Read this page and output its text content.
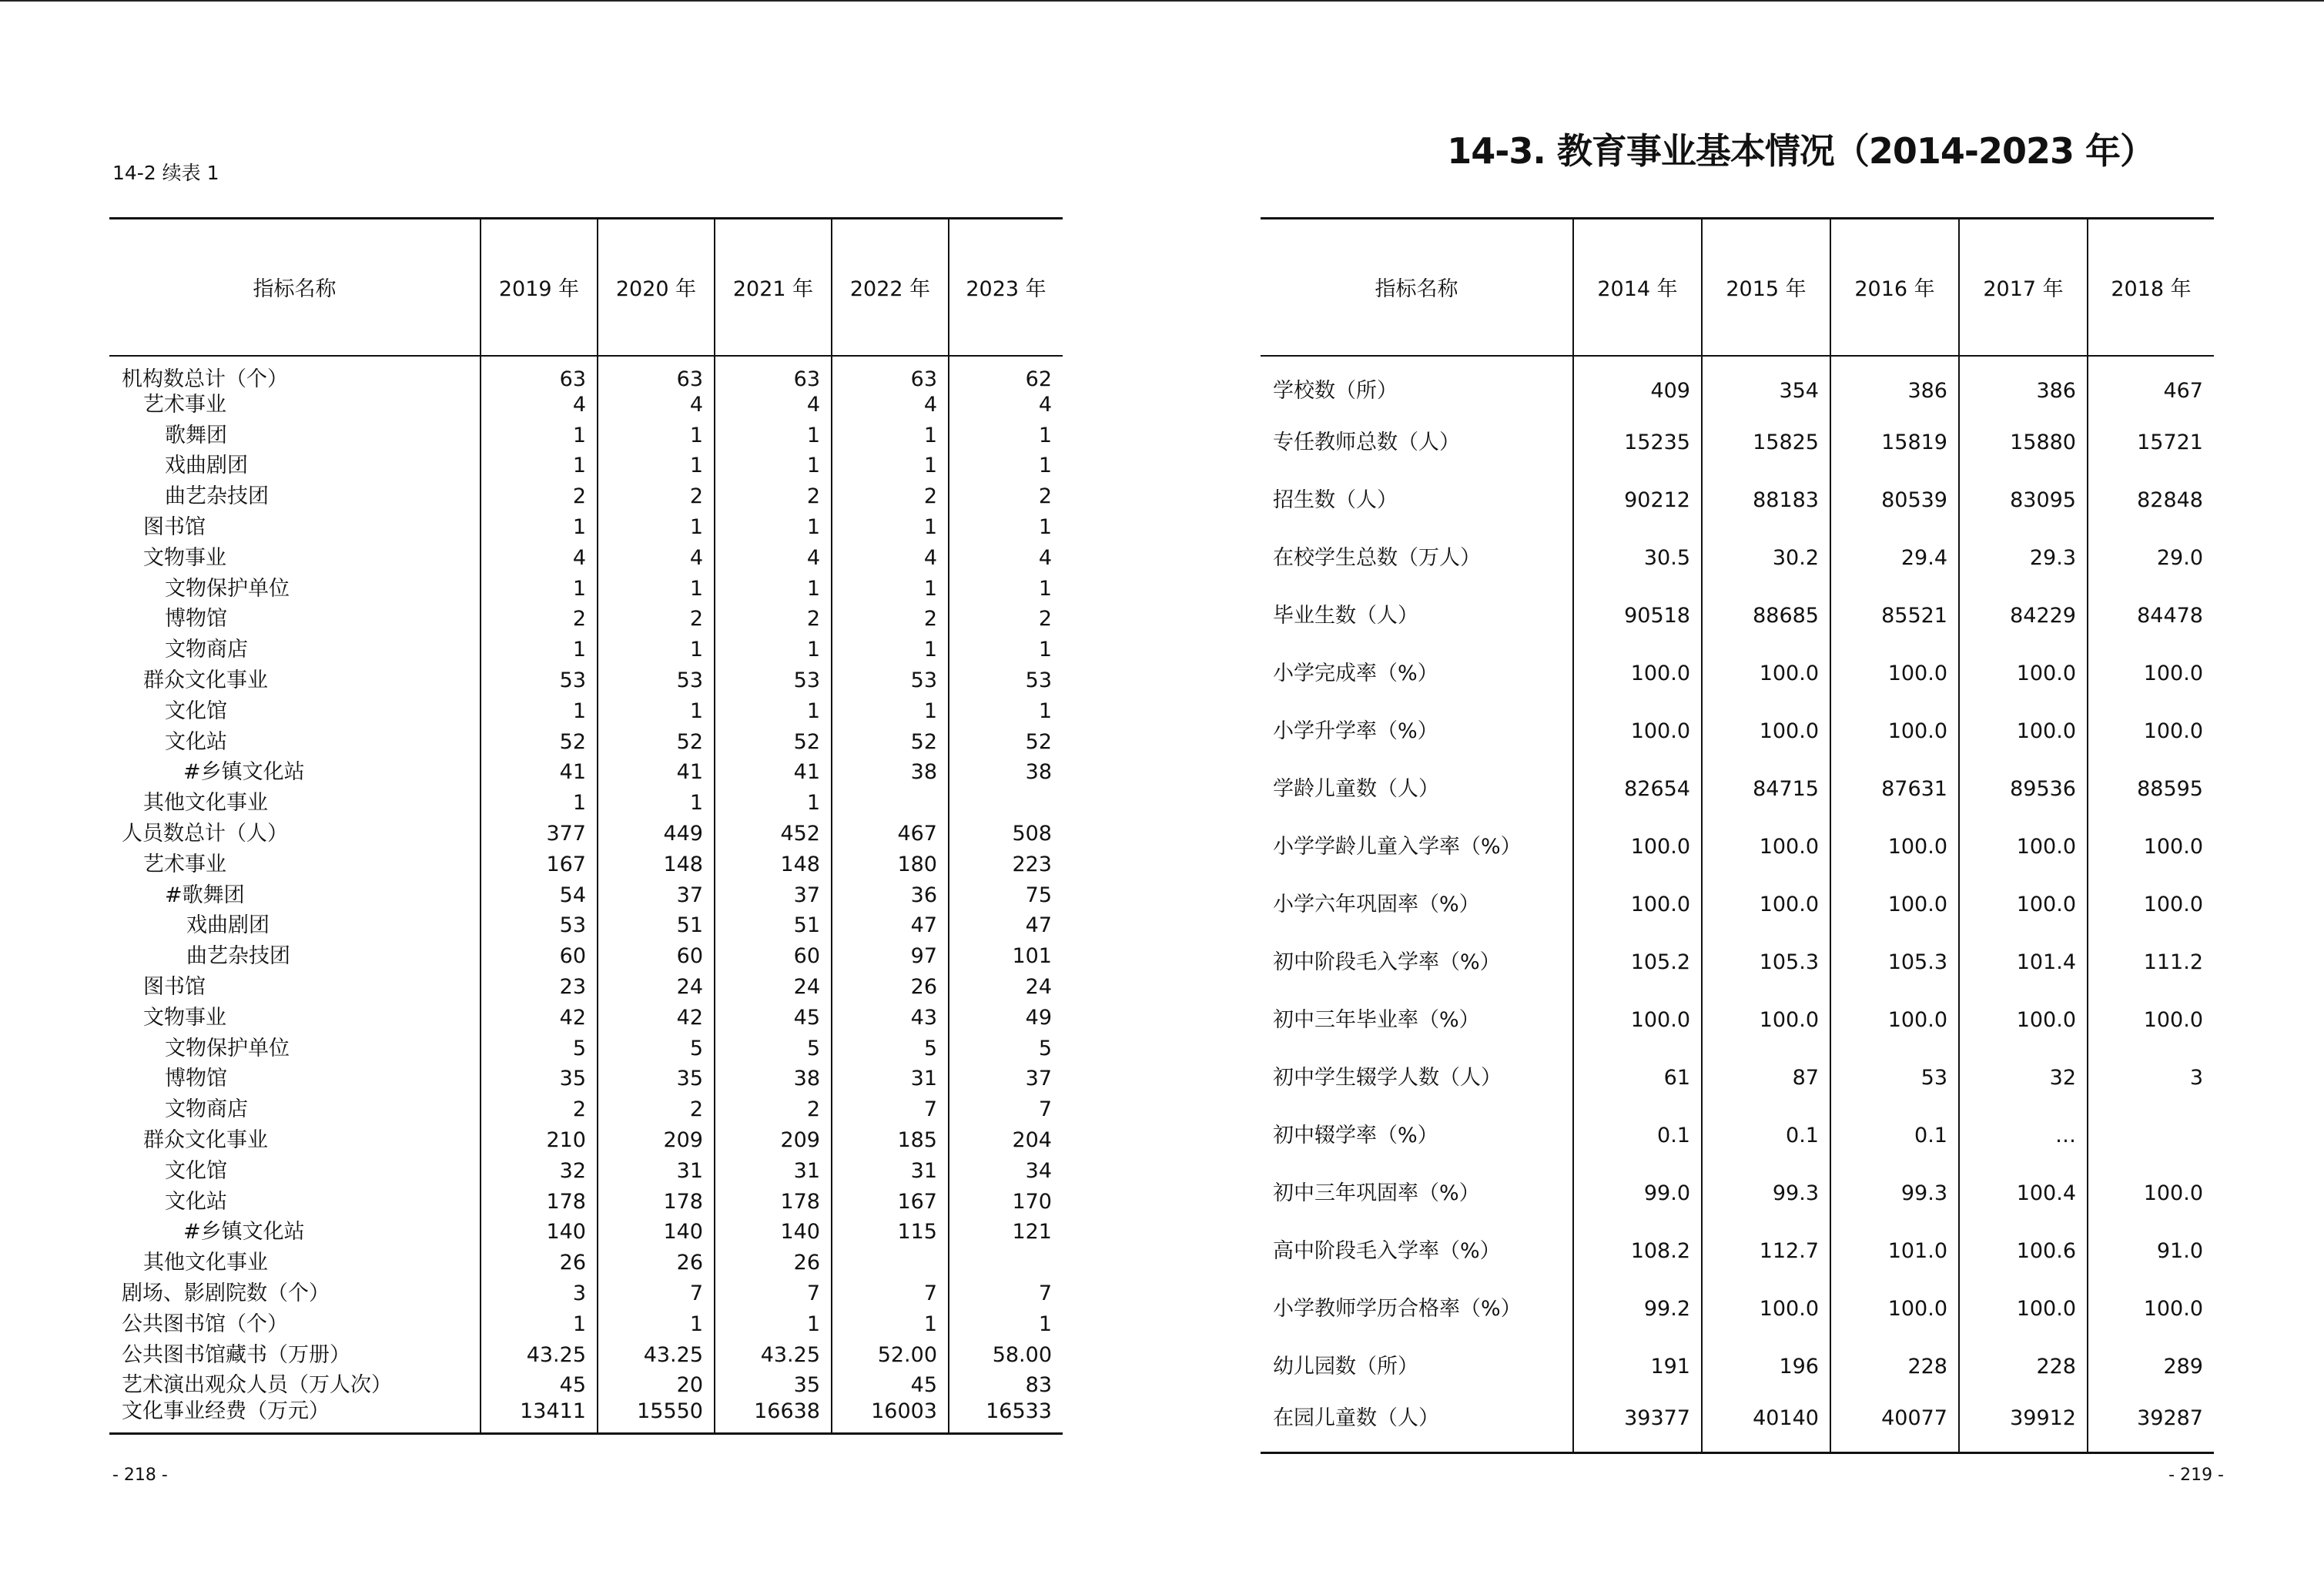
14-2 续表 1
指标名称	2019 年	2020 年	2021 年	2022 年	2023 年
机构数总计（个）	63	63	63	63	62
艺术事业	4	4	4	4	4
歌舞团	1	1	1	1	1
戏曲剧团	1	1	1	1	1
曲艺杂技团	2	2	2	2	2
图书馆	1	1	1	1	1
文物事业	4	4	4	4	4
文物保护单位	1	1	1	1	1
博物馆	2	2	2	2	2
文物商店	1	1	1	1	1
群众文化事业	53	53	53	53	53
文化馆	1	1	1	1	1
文化站	52	52	52	52	52
#乡镇文化站	41	41	41	38	38
其他文化事业	1	1	1		
人员数总计（人）	377	449	452	467	508
艺术事业	167	148	148	180	223
#歌舞团	54	37	37	36	75
戏曲剧团	53	51	51	47	47
曲艺杂技团	60	60	60	97	101
图书馆	23	24	24	26	24
文物事业	42	42	45	43	49
文物保护单位	5	5	5	5	5
博物馆	35	35	38	31	37
文物商店	2	2	2	7	7
群众文化事业	210	209	209	185	204
文化馆	32	31	31	31	34
文化站	178	178	178	167	170
#乡镇文化站	140	140	140	115	121
其他文化事业	26	26	26		
剧场、影剧院数（个）	3	7	7	7	7
公共图书馆（个）	1	1	1	1	1
公共图书馆藏书（万册）	43.25	43.25	43.25	52.00	58.00
艺术演出观众人员（万人次）	45	20	35	45	83
文化事业经费（万元）	13411	15550	16638	16003	16533
- 218 -
14-3. 教育事业基本情况（2014-2023 年）
指标名称	2014 年	2015 年	2016 年	2017 年	2018 年
学校数（所）	409	354	386	386	467
专任教师总数（人）	15235	15825	15819	15880	15721
招生数（人）	90212	88183	80539	83095	82848
在校学生总数（万人）	30.5	30.2	29.4	29.3	29.0
毕业生数（人）	90518	88685	85521	84229	84478
小学完成率（%）	100.0	100.0	100.0	100.0	100.0
小学升学率（%）	100.0	100.0	100.0	100.0	100.0
学龄儿童数（人）	82654	84715	87631	89536	88595
小学学龄儿童入学率（%）	100.0	100.0	100.0	100.0	100.0
小学六年巩固率（%）	100.0	100.0	100.0	100.0	100.0
初中阶段毛入学率（%）	105.2	105.3	105.3	101.4	111.2
初中三年毕业率（%）	100.0	100.0	100.0	100.0	100.0
初中学生辍学人数（人）	61	87	53	32	3
初中辍学率（%）	0.1	0.1	0.1	…	
初中三年巩固率（%）	99.0	99.3	99.3	100.4	100.0
高中阶段毛入学率（%）	108.2	112.7	101.0	100.6	91.0
小学教师学历合格率（%）	99.2	100.0	100.0	100.0	100.0
幼儿园数（所）	191	196	228	228	289
在园儿童数（人）	39377	40140	40077	39912	39287
- 219 -
